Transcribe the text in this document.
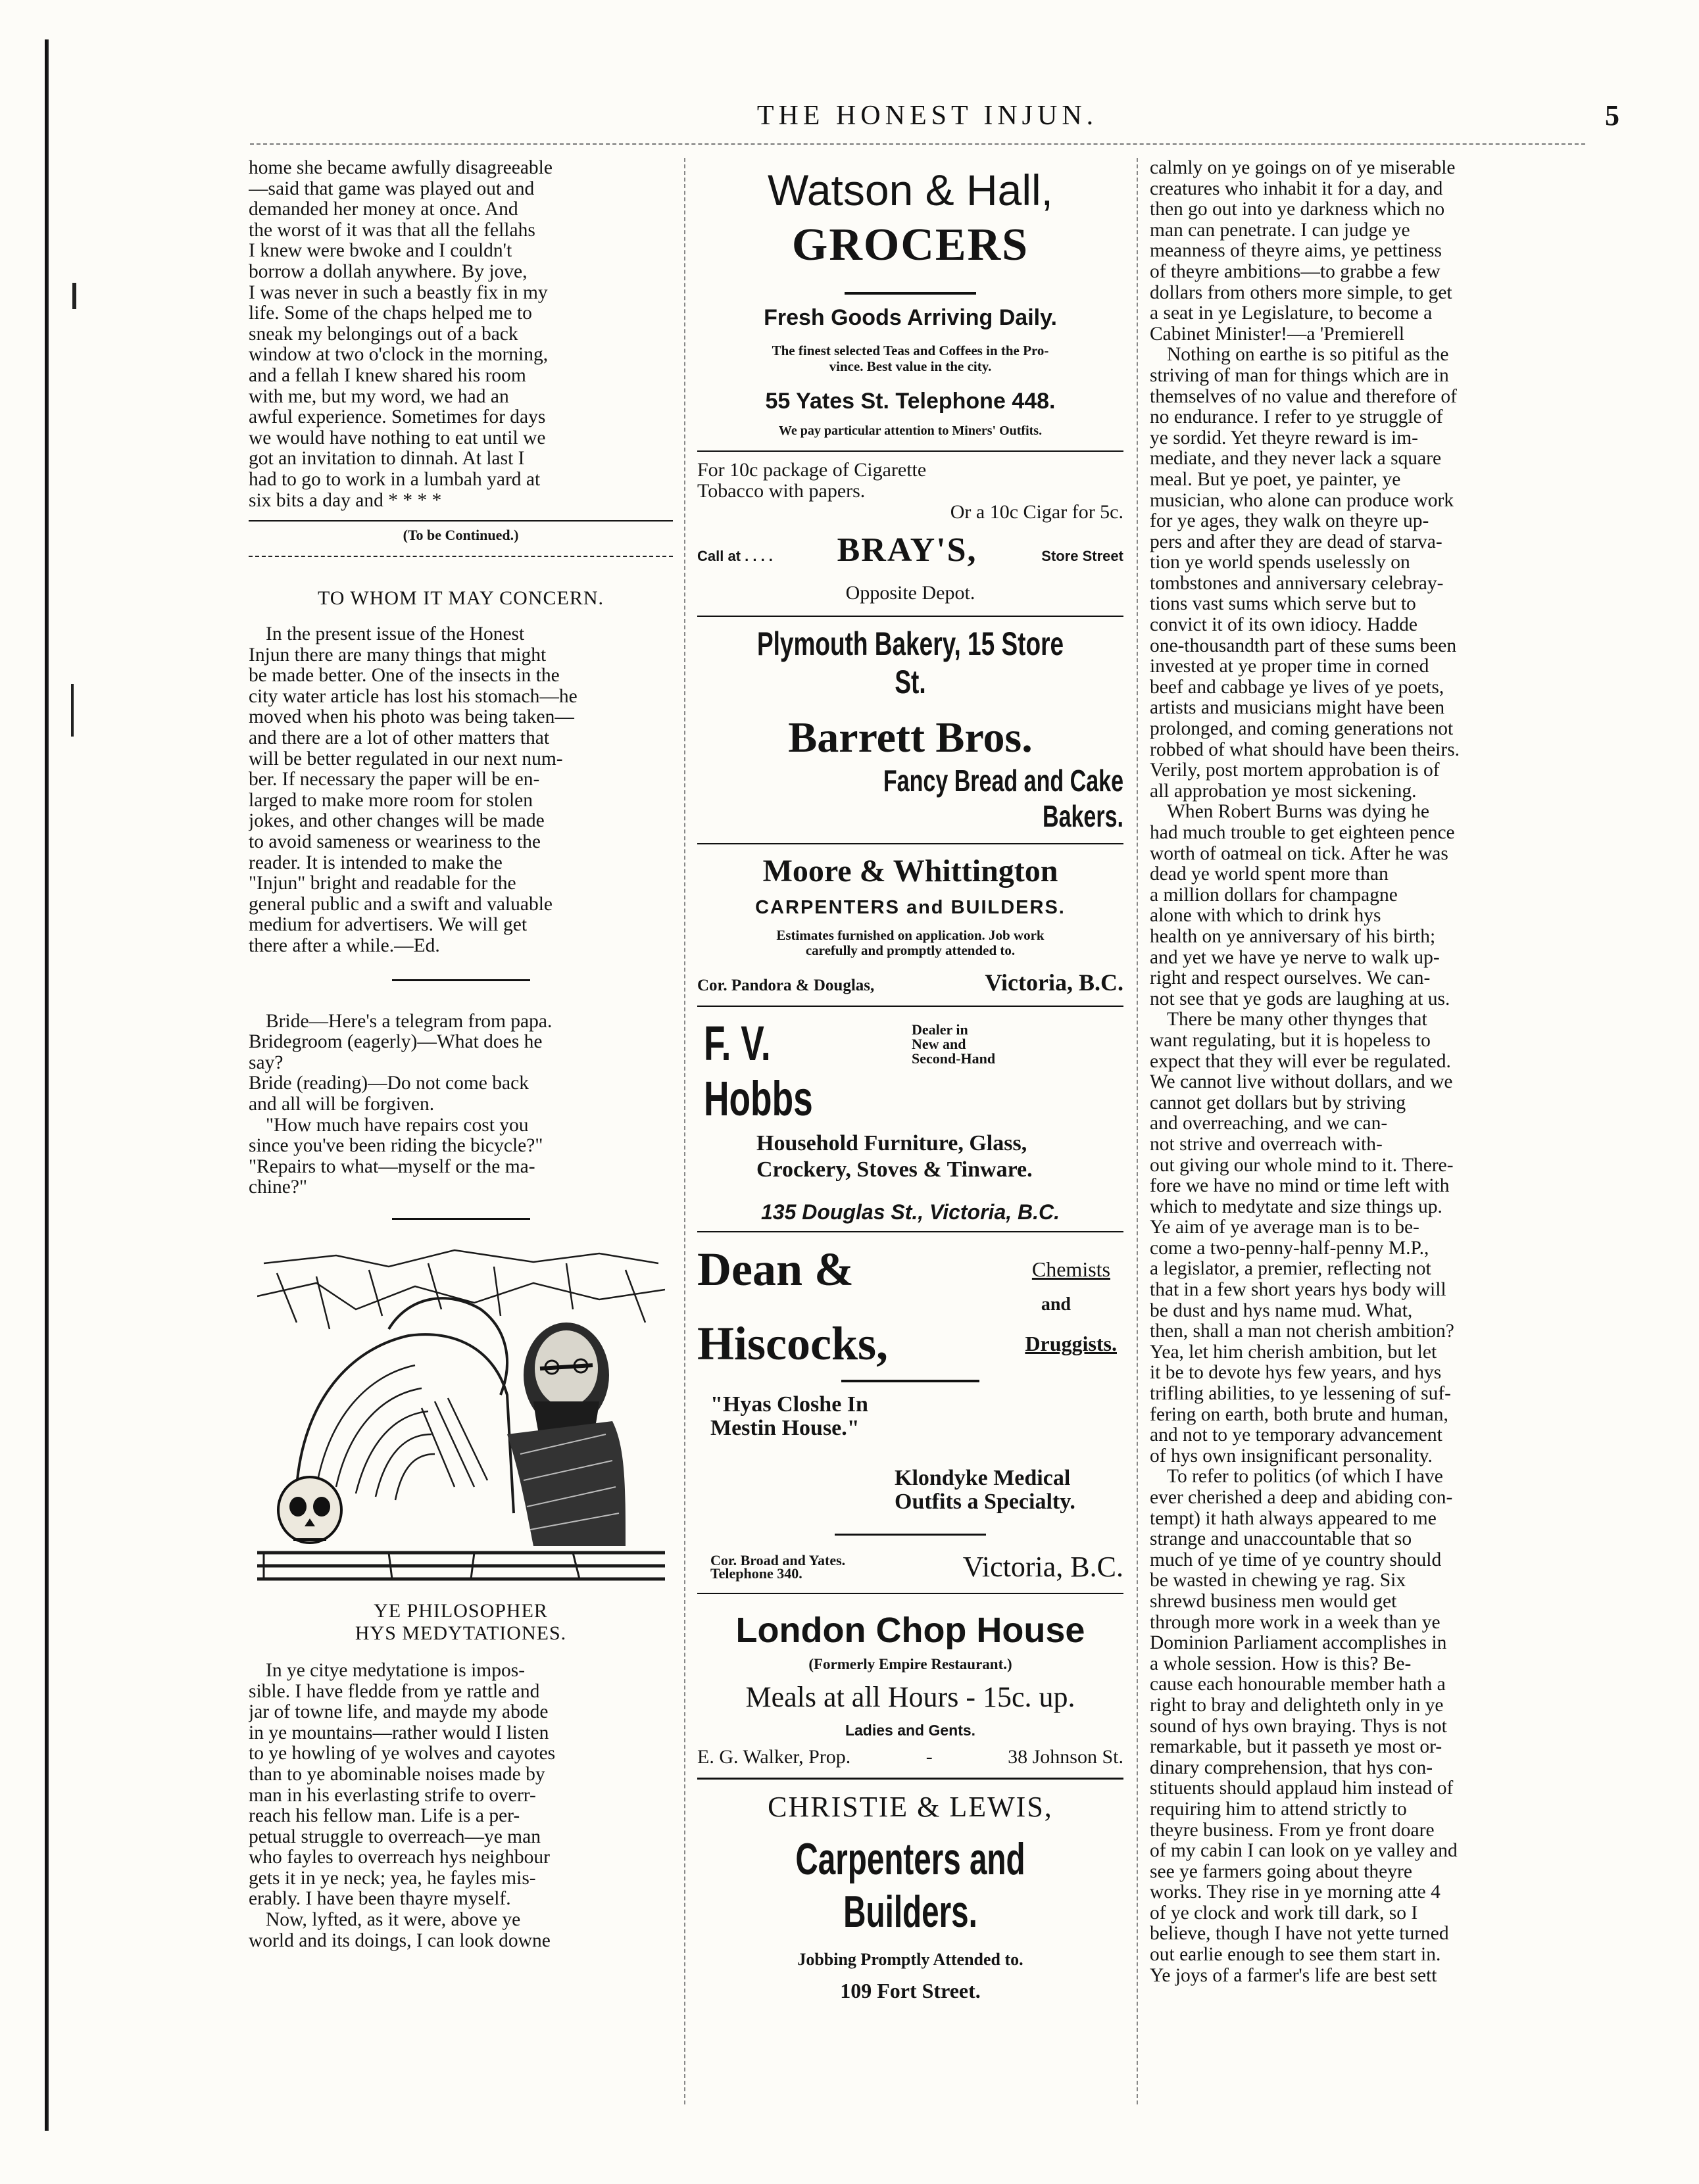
THE HONEST INJUN.	5
home she became awfully disagreeable
—said that game was played out and
demanded her money at once. And
the worst of it was that all the fellahs
I knew were bwoke and I couldn't
borrow a dollah anywhere. By jove,
I was never in such a beastly fix in my
life. Some of the chaps helped me to
sneak my belongings out of a back
window at two o'clock in the morning,
and a fellah I knew shared his room
with me, but my word, we had an
awful experience. Sometimes for days
we would have nothing to eat until we
got an invitation to dinnah. At last I
had to go to work in a lumbah yard at
six bits a day and * * * *
(To be Continued.)
TO WHOM IT MAY CONCERN.
In the present issue of the Honest
Injun there are many things that might
be made better. One of the insects in the
city water article has lost his stomach—he
moved when his photo was being taken—
and there are a lot of other matters that
will be better regulated in our next num-
ber. If necessary the paper will be en-
larged to make more room for stolen
jokes, and other changes will be made
to avoid sameness or weariness to the
reader. It is intended to make the
"Injun" bright and readable for the
general public and a swift and valuable
medium for advertisers. We will get
there after a while.—Ed.
Bride—Here's a telegram from papa.
Bridegroom (eagerly)—What does he
say?
Bride (reading)—Do not come back
and all will be forgiven.
"How much have repairs cost you
since you've been riding the bicycle?"
"Repairs to what—myself or the ma-
chine?"
YE PHILOSOPHER
HYS MEDYTATIONES.
In ye citye medytatione is impos-
sible. I have fledde from ye rattle and
jar of towne life, and mayde my abode
in ye mountains—rather would I listen
to ye howling of ye wolves and cayotes
than to ye abominable noises made by
man in his everlasting strife to overr-
reach his fellow man. Life is a per-
petual struggle to overreach—ye man
who fayles to overreach hys neighbour
gets it in ye neck; yea, he fayles mis-
erably. I have been thayre myself.
Now, lyfted, as it were, above ye
world and its doings, I can look downe
Watson & Hall,
GROCERS
Fresh Goods Arriving Daily.
The finest selected Teas and Coffees in the Pro-
vince. Best value in the city.
55 Yates St. Telephone 448.
We pay particular attention to Miners' Outfits.
For 10c package of Cigarette
Tobacco with papers.
Or a 10c Cigar for 5c.
Call at . . . . BRAY'S,	Store Street
Opposite Depot.
Plymouth Bakery, 15 Store St.
Barrett Bros.
Fancy Bread and Cake Bakers.
Moore & Whittington
CARPENTERS and BUILDERS.
Estimates furnished on application. Job work
carefully and promptly attended to.
Cor. Pandora & Douglas,	Victoria, B.C.
F. V. Hobbs
Dealer in
New and
Second-Hand
Household Furniture, Glass,
Crockery, Stoves & Tinware.
135 Douglas St., Victoria, B.C.
Dean &	Chemists
and
Hiscocks,	Druggists.
"Hyas Closhe In
Mestin House."
Klondyke Medical
Outfits a Specialty.
Cor. Broad and Yates.
Telephone 340.	Victoria, B.C.
London Chop House
(Formerly Empire Restaurant.)
Meals at all Hours - 15c. up.
Ladies and Gents.
E. G. Walker, Prop.	-	38 Johnson St.
CHRISTIE & LEWIS,
Carpenters and Builders.
Jobbing Promptly Attended to.
109 Fort Street.
calmly on ye goings on of ye miserable
creatures who inhabit it for a day, and
then go out into ye darkness which no
man can penetrate. I can judge ye
meanness of theyre aims, ye pettiness
of theyre ambitions—to grabbe a few
dollars from others more simple, to get
a seat in ye Legislature, to become a
Cabinet Minister!—a 'Premierell
Nothing on earthe is so pitiful as the
striving of man for things which are in
themselves of no value and therefore of
no endurance. I refer to ye struggle of
ye sordid. Yet theyre reward is im-
mediate, and they never lack a square
meal. But ye poet, ye painter, ye
musician, who alone can produce work
for ye ages, they walk on theyre up-
pers and after they are dead of starva-
tion ye world spends uselessly on
tombstones and anniversary celebray-
tions vast sums which serve but to
convict it of its own idiocy. Hadde
one-thousandth part of these sums been
invested at ye proper time in corned
beef and cabbage ye lives of ye poets,
artists and musicians might have been
prolonged, and coming generations not
robbed of what should have been theirs.
Verily, post mortem approbation is of
all approbation ye most sickening.
When Robert Burns was dying he
had much trouble to get eighteen pence
worth of oatmeal on tick. After he was
dead ye world spent more than
a million dollars for champagne
alone with which to drink hys
health on ye anniversary of his birth;
and yet we have ye nerve to walk up-
right and respect ourselves. We can-
not see that ye gods are laughing at us.
There be many other thynges that
want regulating, but it is hopeless to
expect that they will ever be regulated.
We cannot live without dollars, and we
cannot get dollars but by striving
and overreaching, and we can-
not strive and overreach with-
out giving our whole mind to it. There-
fore we have no mind or time left with
which to medytate and size things up.
Ye aim of ye average man is to be-
come a two-penny-half-penny M.P.,
a legislator, a premier, reflecting not
that in a few short years hys body will
be dust and hys name mud. What,
then, shall a man not cherish ambition?
Yea, let him cherish ambition, but let
it be to devote hys few years, and hys
trifling abilities, to ye lessening of suf-
fering on earth, both brute and human,
and not to ye temporary advancement
of hys own insignificant personality.
To refer to politics (of which I have
ever cherished a deep and abiding con-
tempt) it hath always appeared to me
strange and unaccountable that so
much of ye time of ye country should
be wasted in chewing ye rag. Six
shrewd business men would get
through more work in a week than ye
Dominion Parliament accomplishes in
a whole session. How is this? Be-
cause each honourable member hath a
right to bray and delighteth only in ye
sound of hys own braying. Thys is not
remarkable, but it passeth ye most or-
dinary comprehension, that hys con-
stituents should applaud him instead of
requiring him to attend strictly to
theyre business. From ye front doare
of my cabin I can look on ye valley and
see ye farmers going about theyre
works. They rise in ye morning atte 4
of ye clock and work till dark, so I
believe, though I have not yette turned
out earlie enough to see them start in.
Ye joys of a farmer's life are best sett
